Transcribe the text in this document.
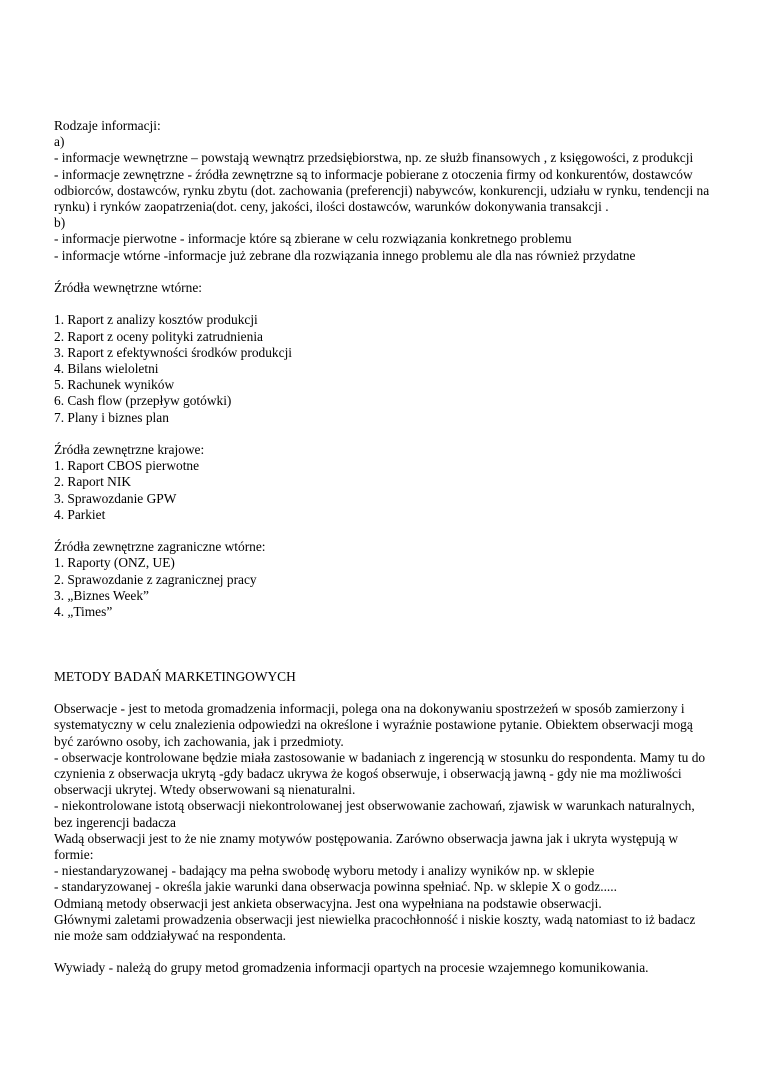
Rodzaje informacji:
a)
- informacje wewnętrzne – powstają wewnątrz przedsiębiorstwa, np. ze służb finansowych , z księgowości, z produkcji
- informacje zewnętrzne - źródła zewnętrzne są to informacje pobierane z otoczenia firmy od konkurentów, dostawców odbiorców, dostawców, rynku zbytu (dot. zachowania (preferencji) nabywców, konkurencji, udziału w rynku, tendencji na rynku) i rynków zaopatrzenia(dot. ceny, jakości, ilości dostawców, warunków dokonywania transakcji .
b)
- informacje pierwotne - informacje które są zbierane w celu rozwiązania konkretnego problemu
- informacje wtórne -informacje już zebrane dla rozwiązania innego problemu ale dla nas również przydatne
Źródła wewnętrzne wtórne:
1. Raport z analizy kosztów produkcji
2. Raport z oceny polityki zatrudnienia
3. Raport z efektywności środków produkcji
4. Bilans wieloletni
5. Rachunek wyników
6. Cash flow (przepływ gotówki)
7. Plany i biznes plan
Źródła zewnętrzne krajowe:
1. Raport CBOS pierwotne
2. Raport NIK
3. Sprawozdanie GPW
4. Parkiet
Źródła zewnętrzne zagraniczne wtórne:
1. Raporty (ONZ, UE)
2. Sprawozdanie z zagranicznej pracy
3. „Biznes Week”
4. „Times”
METODY BADAŃ MARKETINGOWYCH
Obserwacje - jest to metoda gromadzenia informacji, polega ona na dokonywaniu spostrzeżeń w sposób zamierzony i systematyczny w celu znalezienia odpowiedzi na określone i wyraźnie postawione pytanie. Obiektem obserwacji mogą być zarówno osoby, ich zachowania, jak i przedmioty.
- obserwacje kontrolowane będzie miała zastosowanie w badaniach z ingerencją w stosunku do respondenta. Mamy tu do czynienia z obserwacja ukrytą -gdy badacz ukrywa że kogoś obserwuje, i obserwacją jawną - gdy nie ma możliwości obserwacji ukrytej. Wtedy obserwowani są nienaturalni.
- niekontrolowane istotą obserwacji niekontrolowanej jest obserwowanie zachowań, zjawisk w warunkach naturalnych, bez ingerencji badacza
Wadą obserwacji jest to że nie znamy motywów postępowania. Zarówno obserwacja jawna jak i ukryta występują w formie:
- niestandaryzowanej - badający ma pełna swobodę wyboru metody i analizy wyników np. w sklepie
- standaryzowanej - określa jakie warunki dana obserwacja powinna spełniać. Np. w sklepie X o godz.....
Odmianą metody obserwacji jest ankieta obserwacyjna. Jest ona wypełniana na podstawie obserwacji.
Głównymi zaletami prowadzenia obserwacji jest niewielka pracochłonność i niskie koszty, wadą natomiast to iż badacz nie może sam oddziaływać na respondenta.
Wywiady - należą do grupy metod gromadzenia informacji opartych na procesie wzajemnego komunikowania.
